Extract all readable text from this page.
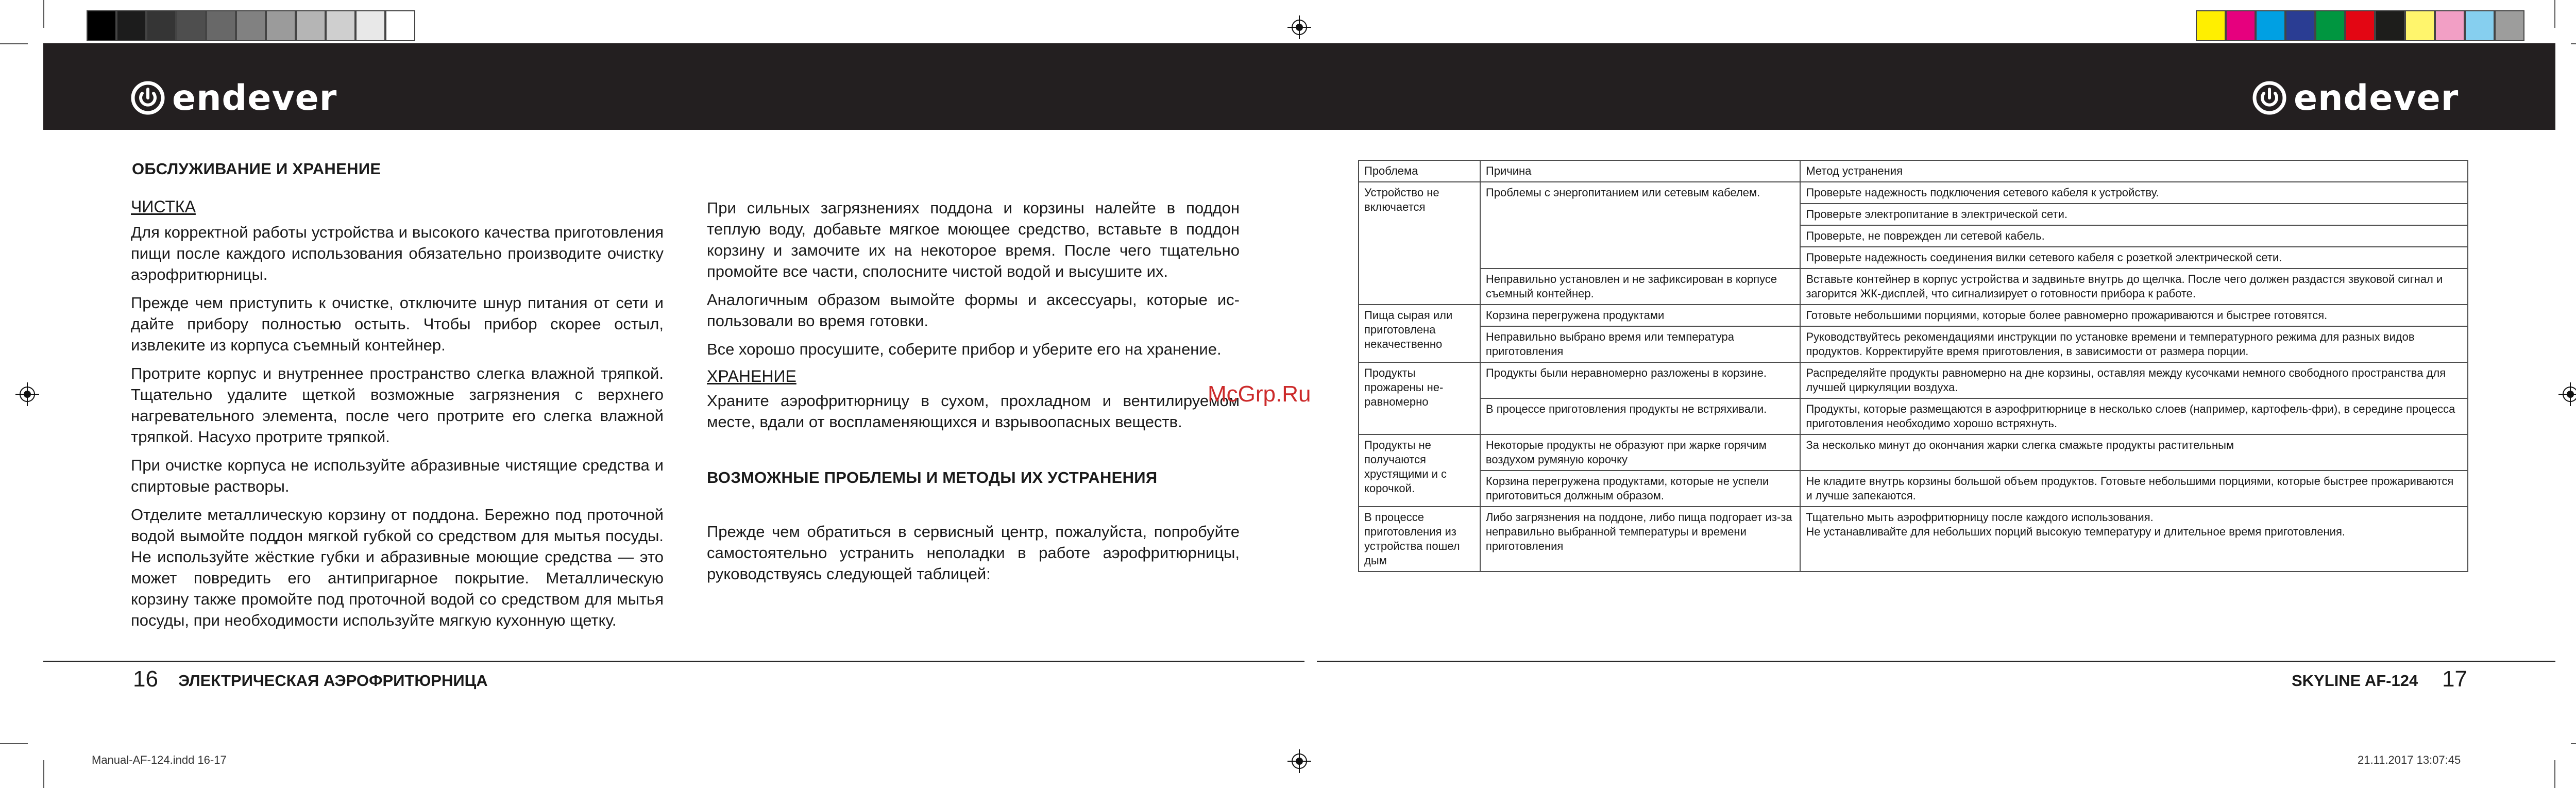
endever	endever
ОБСЛУЖИВАНИЕ И ХРАНЕНИЕ
ЧИСТКА

Для корректной работы устройства и высокого качества приготовления пищи после каждого использования обязательно производите очистку аэрофритюрницы.

Прежде чем приступить к очистке, отключите шнур питания от сети и дайте прибору полностью остыть. Чтобы прибор скорее остыл, извлеките из корпуса съемный контейнер.

Протрите корпус и внутреннее пространство слегка влажной тряпкой. Тщательно удалите щеткой возможные загрязнения с верхнего нагревательного элемента, после чего протрите его слегка влажной тряпкой. Насухо протрите тряпкой.

При очистке корпуса не используйте абразивные чистящие средства и спиртовые растворы.

Отделите металлическую корзину от поддона. Бережно под проточной водой вымойте поддон мягкой губкой со средством для мытья посуды. Не используйте жёсткие губки и абразивные моющие средства — это может повредить его антипригарное покрытие. Металлическую корзину также промойте под проточной водой со средством для мытья посуды, при необходимости используйте мягкую кухонную щетку.

При сильных загрязнениях поддона и корзины налейте в поддон теплую воду, добавьте мягкое моющее средство, вставьте в поддон корзину и замочите их на некоторое время. После чего тщательно промойте все части, сполосните чистой водой и высушите их.

Аналогичным образом вымойте формы и аксессуары, которые использовали во время готовки.

Все хорошо просушите, соберите прибор и уберите его на хранение.

ХРАНЕНИЕ

Храните аэрофритюрницу в сухом, прохладном и вентилируемом месте, вдали от воспламеняющихся и взрывоопасных веществ.

ВОЗМОЖНЫЕ ПРОБЛЕМЫ И МЕТОДЫ ИХ УСТРАНЕНИЯ

Прежде чем обратиться в сервисный центр, пожалуйста, попробуйте самостоятельно устранить неполадки в работе аэрофритюрницы, руководствуясь следующей таблицей:

Проблема	Причина	Метод устранения
Устройство не включается	Проблемы с энергопитанием или сетевым кабелем.	Проверьте надежность подключения сетевого кабеля к устройству.
		Проверьте электропитание в электрической сети.
		Проверьте, не поврежден ли сетевой кабель.
		Проверьте надежность соединения вилки сетевого кабеля с розеткой электрической сети.
	Неправильно установлен и не зафиксирован в корпусе съемный контейнер.	Вставьте контейнер в корпус устройства и задвиньте внутрь до щелчка. После чего должен раздастся звуковой сигнал и загорится ЖК-дисплей, что сигнализирует о готовности прибора к работе.
Пища сырая или приготовлена некачественно	Корзина перегружена продуктами	Готовьте небольшими порциями, которые более равномерно прожариваются и быстрее готовятся.
	Неправильно выбрано время или температура приготовления	Руководствуйтесь рекомендациями инструкции по установке времени и температурного режима для разных видов продуктов. Корректируйте время приготовления, в зависимости от размера порции.
Продукты прожарены неравномерно	Продукты были неравномерно разложены в корзине.	Распределяйте продукты равномерно на дне корзины, оставляя между кусочками немного свободного пространства для лучшей циркуляции воздуха.
	В процессе приготовления продукты не встряхивали.	Продукты, которые размещаются в аэрофритюрнице в несколько слоев (например, картофель-фри), в середине процесса приготовления необходимо хорошо встряхнуть.
Продукты не получаются хрустящими и с корочкой.	Некоторые продукты не образуют при жарке горячим воздухом румяную корочку	За несколько минут до окончания жарки слегка смажьте продукты растительным
	Корзина перегружена продуктами, которые не успели приготовиться должным образом.	Не кладите внутрь корзины большой объем продуктов. Готовьте небольшими порциями, которые быстрее прожариваются и лучше запекаются.
В процессе приготовления из устройства пошел дым	Либо загрязнения на поддоне, либо пища подгорает из-за неправильно выбранной температуры и времени приготовления	Тщательно мыть аэрофритюрницу после каждого использования.
Не устанавливайте для небольших порций высокую температуру и длительное время приготовления.
McGrp.Ru
16 ЭЛЕКТРИЧЕСКАЯ АЭРОФРИТЮРНИЦА	SKYLINE AF-124 17
Manual-AF-124.indd 16-17	21.11.2017 13:07:45
